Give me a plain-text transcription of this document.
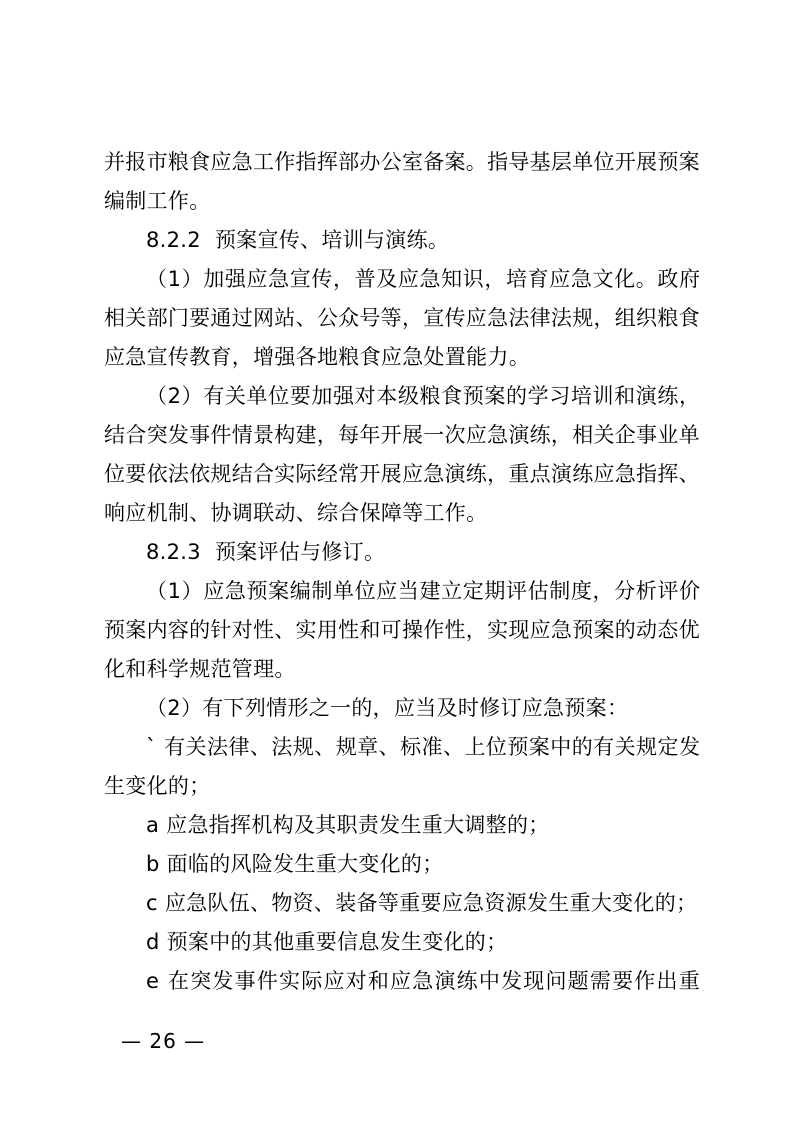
并 报 市 粮 食 应 急 工 作 指 挥 部 办 公 室 备 案 。 指 导 基 层 单 位 开 展 预 案
编制工作。
8.2.2  预案宣传、培训与演练。
（ 1 ） 加 强 应 急 宣 传 ， 普 及 应 急 知 识 ， 培 育 应 急 文 化 。 政 府
相 关 部 门 要 通 过 网 站 、 公 众 号 等 ， 宣 传 应 急 法 律 法 规 ， 组 织 粮 食
应急宣传教育，增强各地粮食应急处置能力。
（ 2 ） 有 关 单 位 要 加 强 对 本 级 粮 食 预 案 的 学 习 培 训 和 演 练 ，
结 合 突 发 事 件 情 景 构 建 ， 每 年 开 展 一 次 应 急 演 练 ， 相 关 企 事 业 单
位 要 依 法 依 规 结 合 实 际 经 常 开 展 应 急 演 练 ， 重 点 演 练 应 急 指 挥 、
响应机制、协调联动、综合保障等工作。
8.2.3  预案评估与修订。
（ 1 ） 应 急 预 案 编 制 单 位 应 当 建 立 定 期 评 估 制 度 ， 分 析 评 价
预 案 内 容 的 针 对 性 、 实 用 性 和 可 操 作 性 ， 实 现 应 急 预 案 的 动 态 优
化和科学规范管理。
（2）有下列情形之一的，应当及时修订应急预案：
`
有 关 法 律 、 法 规 、 规 章 、 标 准 、 上 位 预 案 中 的 有 关 规 定 发
生变化的；
a 应急指挥机构及其职责发生重大调整的；
b 面临的风险发生重大变化的；
c 应急队伍、物资、装备等重要应急资源发生重大变化的；
d 预案中的其他重要信息发生变化的；
e
在 突 发 事 件 实 际 应 对 和 应 急 演 练 中 发 现 问 题 需 要 作 出 重
— 26 —
